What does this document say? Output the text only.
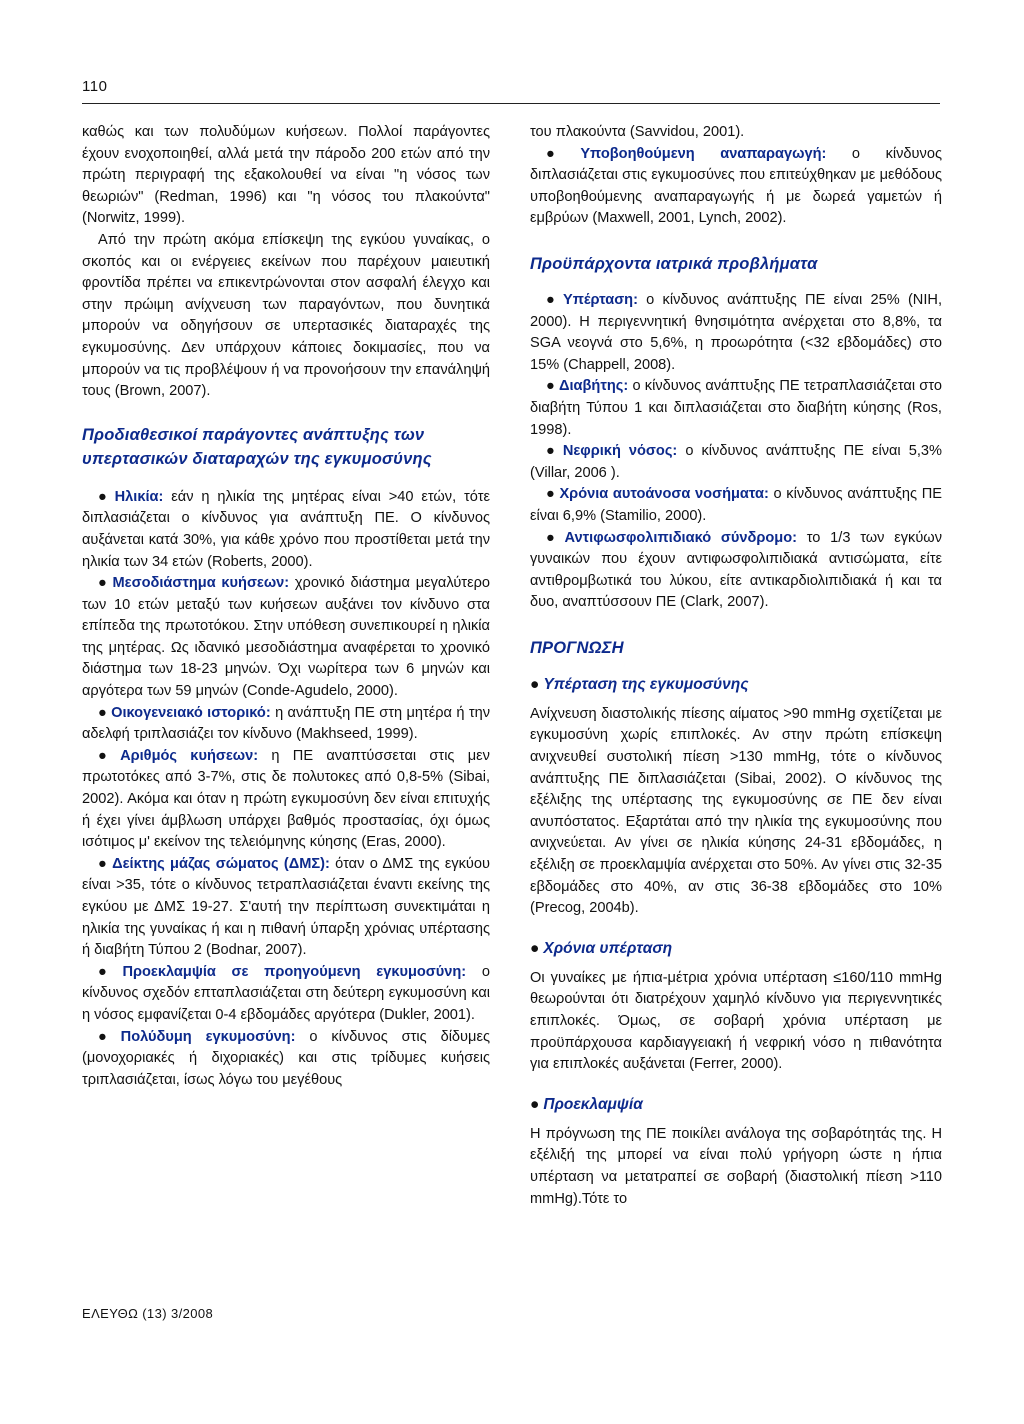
110

καθώς και των πολυδύμων κυήσεων. Πολλοί παράγοντες έχουν ενοχοποιηθεί, αλλά μετά την πάροδο 200 ετών από την πρώτη περιγραφή της εξακολουθεί να είναι "η νόσος των θεωριών" (Redman, 1996) και "η νόσος του πλακούντα" (Norwitz, 1999).

Από την πρώτη ακόμα επίσκεψη της εγκύου γυναίκας, ο σκοπός και οι ενέργειες εκείνων που παρέχουν μαιευτική φροντίδα πρέπει να επικεντρώνονται στον ασφαλή έλεγχο και στην πρώιμη ανίχνευση των παραγόντων, που δυνητικά μπορούν να οδηγήσουν σε υπερτασικές διαταραχές της εγκυμοσύνης. Δεν υπάρχουν κάποιες δοκιμασίες, που να μπορούν να τις προβλέψουν ή να προνοήσουν την επανάληψή τους (Brown, 2007).

Προδιαθεσικοί παράγοντες ανάπτυξης των υπερτασικών διαταραχών της εγκυμοσύνης

● Ηλικία: εάν η ηλικία της μητέρας είναι >40 ετών, τότε διπλασιάζεται ο κίνδυνος για ανάπτυξη ΠΕ. Ο κίνδυνος αυξάνεται κατά 30%, για κάθε χρόνο που προστίθεται μετά την ηλικία των 34 ετών (Roberts, 2000).

● Μεσοδιάστημα κυήσεων: χρονικό διάστημα μεγαλύτερο των 10 ετών μεταξύ των κυήσεων αυξάνει τον κίνδυνο στα επίπεδα της πρωτοτόκου. Στην υπόθεση συνεπικουρεί η ηλικία της μητέρας. Ως ιδανικό μεσοδιάστημα αναφέρεται το χρονικό διάστημα των 18-23 μηνών. Όχι νωρίτερα των 6 μηνών και αργότερα των 59 μηνών (Conde-Agudelo, 2000).

● Οικογενειακό ιστορικό: η ανάπτυξη ΠΕ στη μητέρα ή την αδελφή τριπλασιάζει τον κίνδυνο (Makhseed, 1999).

● Αριθμός κυήσεων: η ΠΕ αναπτύσσεται στις μεν πρωτοτόκες από 3-7%, στις δε πολυτοκες από 0,8-5% (Sibai, 2002). Ακόμα και όταν η πρώτη εγκυμοσύνη δεν είναι επιτυχής ή έχει γίνει άμβλωση υπάρχει βαθμός προστασίας, όχι όμως ισότιμος μ' εκείνον της τελειόμηνης κύησης (Eras, 2000).

● Δείκτης μάζας σώματος (ΔΜΣ): όταν ο ΔΜΣ της εγκύου είναι >35, τότε ο κίνδυνος τετραπλασιάζεται έναντι εκείνης της εγκύου με ΔΜΣ 19-27. Σ'αυτή την περίπτωση συνεκτιμάται η ηλικία της γυναίκας ή και η πιθανή ύπαρξη χρόνιας υπέρτασης ή διαβήτη Τύπου 2 (Bodnar, 2007).

● Προεκλαμψία σε προηγούμενη εγκυμοσύνη: ο κίνδυνος σχεδόν επταπλασιάζεται στη δεύτερη εγκυμοσύνη και η νόσος εμφανίζεται 0-4 εβδομάδες αργότερα (Dukler, 2001).

● Πολύδυμη εγκυμοσύνη: ο κίνδυνος στις δίδυμες (μονοχοριακές ή διχοριακές) και στις τρίδυμες κυήσεις τριπλασιάζεται, ίσως λόγω του μεγέθους

του πλακούντα (Savvidou, 2001).

● Υποβοηθούμενη αναπαραγωγή: ο κίνδυνος διπλασιάζεται στις εγκυμοσύνες που επιτεύχθηκαν με μεθόδους υποβοηθούμενης αναπαραγωγής ή με δωρεά γαμετών ή εμβρύων (Maxwell, 2001, Lynch, 2002).

Προϋπάρχοντα ιατρικά προβλήματα

● Υπέρταση: ο κίνδυνος ανάπτυξης ΠΕ είναι 25% (NIH, 2000). Η περιγεννητική θνησιμότητα ανέρχεται στο 8,8%, τα SGA νεογνά στο 5,6%, η προωρότητα (<32 εβδομάδες) στο 15% (Chappell, 2008).

● Διαβήτης: ο κίνδυνος ανάπτυξης ΠΕ τετραπλασιάζεται στο διαβήτη Τύπου 1 και διπλασιάζεται στο διαβήτη κύησης (Ros, 1998).

● Νεφρική νόσος: ο κίνδυνος ανάπτυξης ΠΕ είναι 5,3% (Villar, 2006 ).

● Χρόνια αυτοάνοσα νοσήματα: ο κίνδυνος ανάπτυξης ΠΕ είναι 6,9% (Stamilio, 2000).

● Αντιφωσφολιπιδιακό σύνδρομο: το 1/3 των εγκύων γυναικών που έχουν αντιφωσφολιπιδιακά αντισώματα, είτε αντιθρομβωτικά του λύκου, είτε αντικαρδιολιπιδιακά ή και τα δυο, αναπτύσσουν ΠΕ (Clark, 2007).

ΠΡΟΓΝΩΣΗ
● Υπέρταση της εγκυμοσύνης

Ανίχνευση διαστολικής πίεσης αίματος >90 mmHg σχετίζεται με εγκυμοσύνη χωρίς επιπλοκές. Αν στην πρώτη επίσκεψη ανιχνευθεί συστολική πίεση >130 mmHg, τότε ο κίνδυνος ανάπτυξης ΠΕ διπλασιάζεται (Sibai, 2002). Ο κίνδυνος της εξέλιξης της υπέρτασης της εγκυμοσύνης σε ΠΕ δεν είναι ανυπόστατος. Εξαρτάται από την ηλικία της εγκυμοσύνης που ανιχνεύεται. Αν γίνει σε ηλικία κύησης 24-31 εβδομάδες, η εξέλιξη σε προεκλαμψία ανέρχεται στο 50%. Αν γίνει στις 32-35 εβδομάδες στο 40%, αν στις 36-38 εβδομάδες στο 10% (Precog, 2004b).

● Χρόνια υπέρταση

Οι γυναίκες με ήπια-μέτρια χρόνια υπέρταση ≤160/110 mmHg θεωρούνται ότι διατρέχουν χαμηλό κίνδυνο για περιγεννητικές επιπλοκές. Όμως, σε σοβαρή χρόνια υπέρταση με προϋπάρχουσα καρδιαγγειακή ή νεφρική νόσο η πιθανότητα για επιπλοκές αυξάνεται (Ferrer, 2000).

● Προεκλαμψία

Η πρόγνωση της ΠΕ ποικίλει ανάλογα της σοβαρότητάς της. Η εξέλιξή της μπορεί να είναι πολύ γρήγορη ώστε η ήπια υπέρταση να μετατραπεί σε σοβαρή (διαστολική πίεση >110 mmHg).Τότε το

ΕΛΕΥΘΩ (13) 3/2008
